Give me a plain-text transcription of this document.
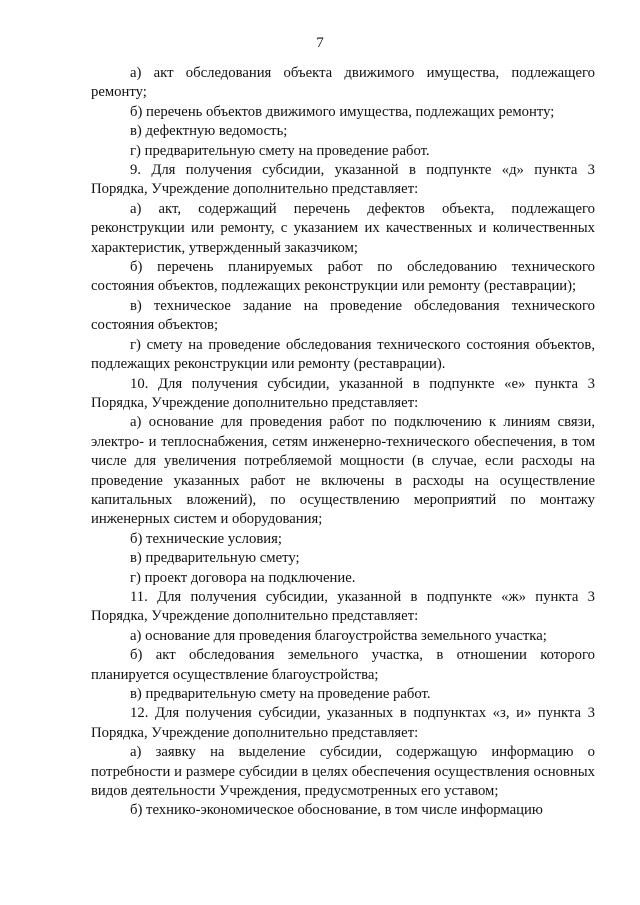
7

а) акт обследования объекта движимого имущества, подлежащего ремонту;

б) перечень объектов движимого имущества, подлежащих ремонту;

в) дефектную ведомость;

г) предварительную смету на проведение работ.

9. Для получения субсидии, указанной в подпункте «д» пункта 3 Порядка, Учреждение дополнительно представляет:

а) акт, содержащий перечень дефектов объекта, подлежащего реконструкции или ремонту, с указанием их качественных и количественных характеристик, утвержденный заказчиком;

б) перечень планируемых работ по обследованию технического состояния объектов, подлежащих реконструкции или ремонту (реставрации);

в) техническое задание на проведение обследования технического состояния объектов;

г) смету на проведение обследования технического состояния объектов, подлежащих реконструкции или ремонту (реставрации).

10. Для получения субсидии, указанной в подпункте «е» пункта 3 Порядка, Учреждение дополнительно представляет:

а) основание для проведения работ по подключению к линиям связи, электро- и теплоснабжения, сетям инженерно-технического обеспечения, в том числе для увеличения потребляемой мощности (в случае, если расходы на проведение указанных работ не включены в расходы на осуществление капитальных вложений), по осуществлению мероприятий по монтажу инженерных систем и оборудования;

б) технические условия;

в) предварительную смету;

г) проект договора на подключение.

11. Для получения субсидии, указанной в подпункте «ж» пункта 3 Порядка, Учреждение дополнительно представляет:

а) основание для проведения благоустройства земельного участка;

б) акт обследования земельного участка, в отношении которого планируется осуществление благоустройства;

в) предварительную смету на проведение работ.

12. Для получения субсидии, указанных в подпунктах «з, и» пункта 3 Порядка, Учреждение дополнительно представляет:

а) заявку на выделение субсидии, содержащую информацию о потребности и размере субсидии в целях обеспечения осуществления основных видов деятельности Учреждения, предусмотренных его уставом;

б) технико-экономическое обоснование, в том числе информацию
